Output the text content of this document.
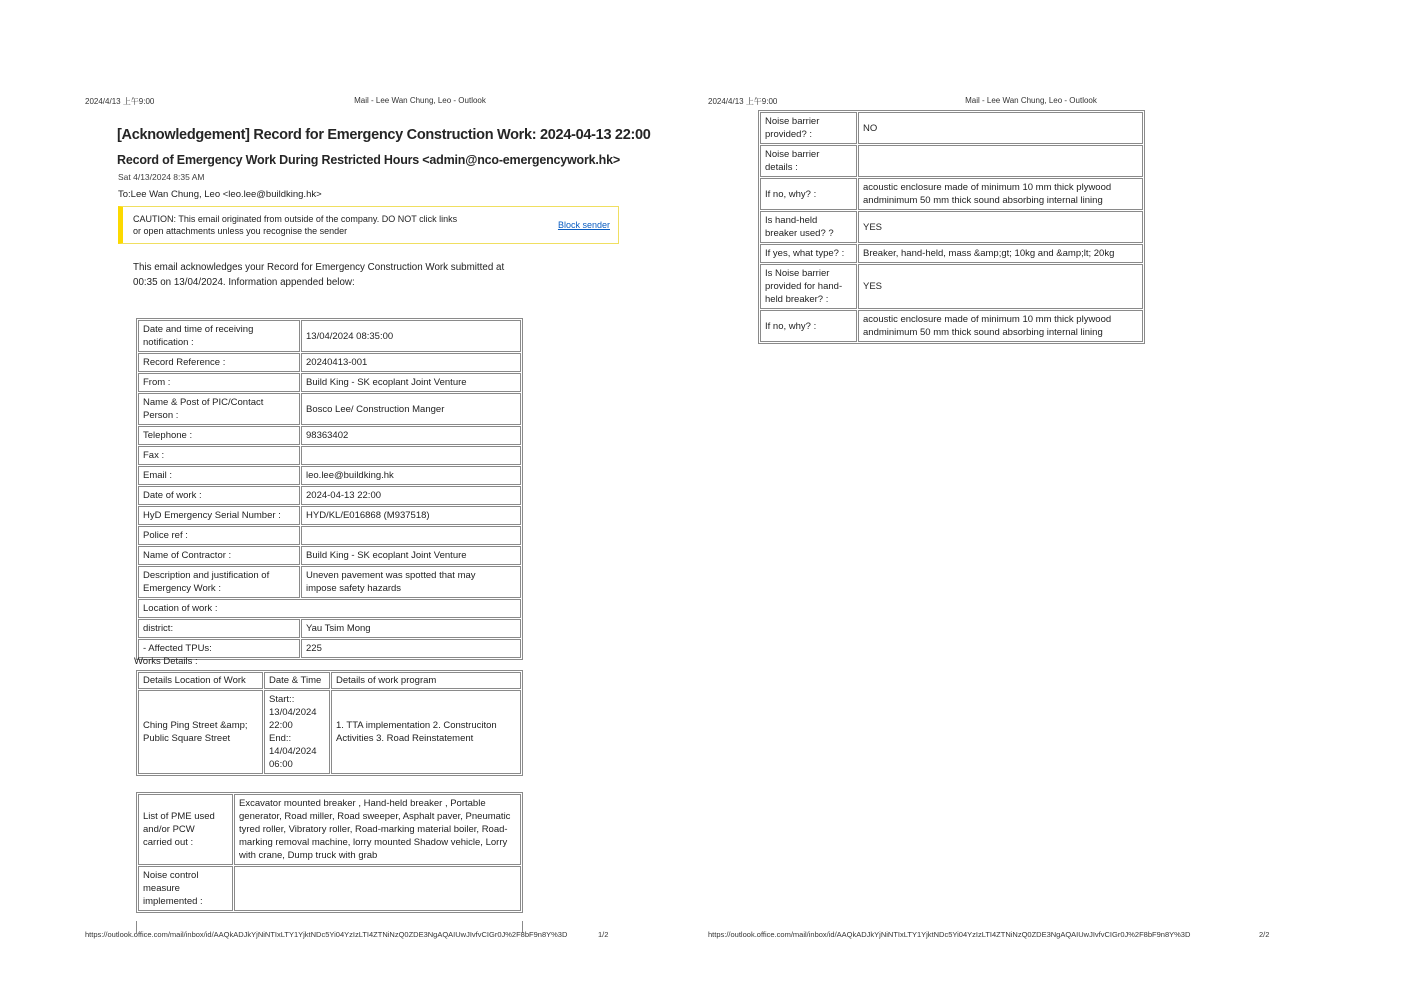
2024/4/13 上午9:00	Mail - Lee Wan Chung, Leo - Outlook
[Acknowledgement] Record for Emergency Construction Work: 2024-04-13 22:00
Record of Emergency Work During Restricted Hours <admin@nco-emergencywork.hk>
Sat 4/13/2024 8:35 AM
To:Lee Wan Chung, Leo <leo.lee@buildking.hk>
CAUTION: This email originated from outside of the company. DO NOT click links
or open attachments unless you recognise the sender
Block sender
This email acknowledges your Record for Emergency Construction Work submitted at
00:35 on 13/04/2024. Information appended below:
Date and time of receiving
notification :	13/04/2024 08:35:00
Record Reference :	20240413-001
From :	Build King - SK ecoplant Joint Venture
Name & Post of PIC/Contact
Person :	Bosco Lee/ Construction Manger
Telephone :	98363402
Fax :	
Email :	leo.lee@buildking.hk
Date of work :	2024-04-13 22:00
HyD Emergency Serial Number :	HYD/KL/E016868 (M937518)
Police ref :	
Name of Contractor :	Build King - SK ecoplant Joint Venture
Description and justification of
Emergency Work :	Uneven pavement was spotted that may
impose safety hazards
Location of work :	
district:	Yau Tsim Mong
- Affected TPUs:	225
Works Details :
Details Location of Work	Date & Time	Details of work program
Ching Ping Street &amp;
Public Square Street	Start::
13/04/2024
22:00
End::
14/04/2024
06:00	1. TTA implementation 2. Construciton
Activities 3. Road Reinstatement
List of PME used
and/or PCW
carried out :	Excavator mounted breaker , Hand-held breaker , Portable generator, Road miller, Road sweeper, Asphalt paver, Pneumatic tyred roller, Vibratory roller, Road-marking material boiler, Road-marking removal machine, lorry mounted Shadow vehicle, Lorry with crane, Dump truck with grab
Noise control
measure
implemented :	
https://outlook.office.com/mail/inbox/id/AAQkADJkYjNiNTIxLTY1YjktNDc5Yi04YzIzLTI4ZTNiNzQ0ZDE3NgAQAIUwJIvfvCIGr0J%2F8bF9n8Y%3D	1/2
2024/4/13 上午9:00	Mail - Lee Wan Chung, Leo - Outlook
Noise barrier
provided? :	NO
Noise barrier
details :	
If no, why? :	acoustic enclosure made of minimum 10 mm thick plywood
andminimum 50 mm thick sound absorbing internal lining
Is hand-held
breaker used? ?	YES
If yes, what type? :	Breaker, hand-held, mass &amp;gt; 10kg and &amp;lt; 20kg
Is Noise barrier
provided for hand-
held breaker? :	YES
If no, why? :	acoustic enclosure made of minimum 10 mm thick plywood
andminimum 50 mm thick sound absorbing internal lining
https://outlook.office.com/mail/inbox/id/AAQkADJkYjNiNTIxLTY1YjktNDc5Yi04YzIzLTI4ZTNiNzQ0ZDE3NgAQAIUwJIvfvCIGr0J%2F8bF9n8Y%3D	2/2
